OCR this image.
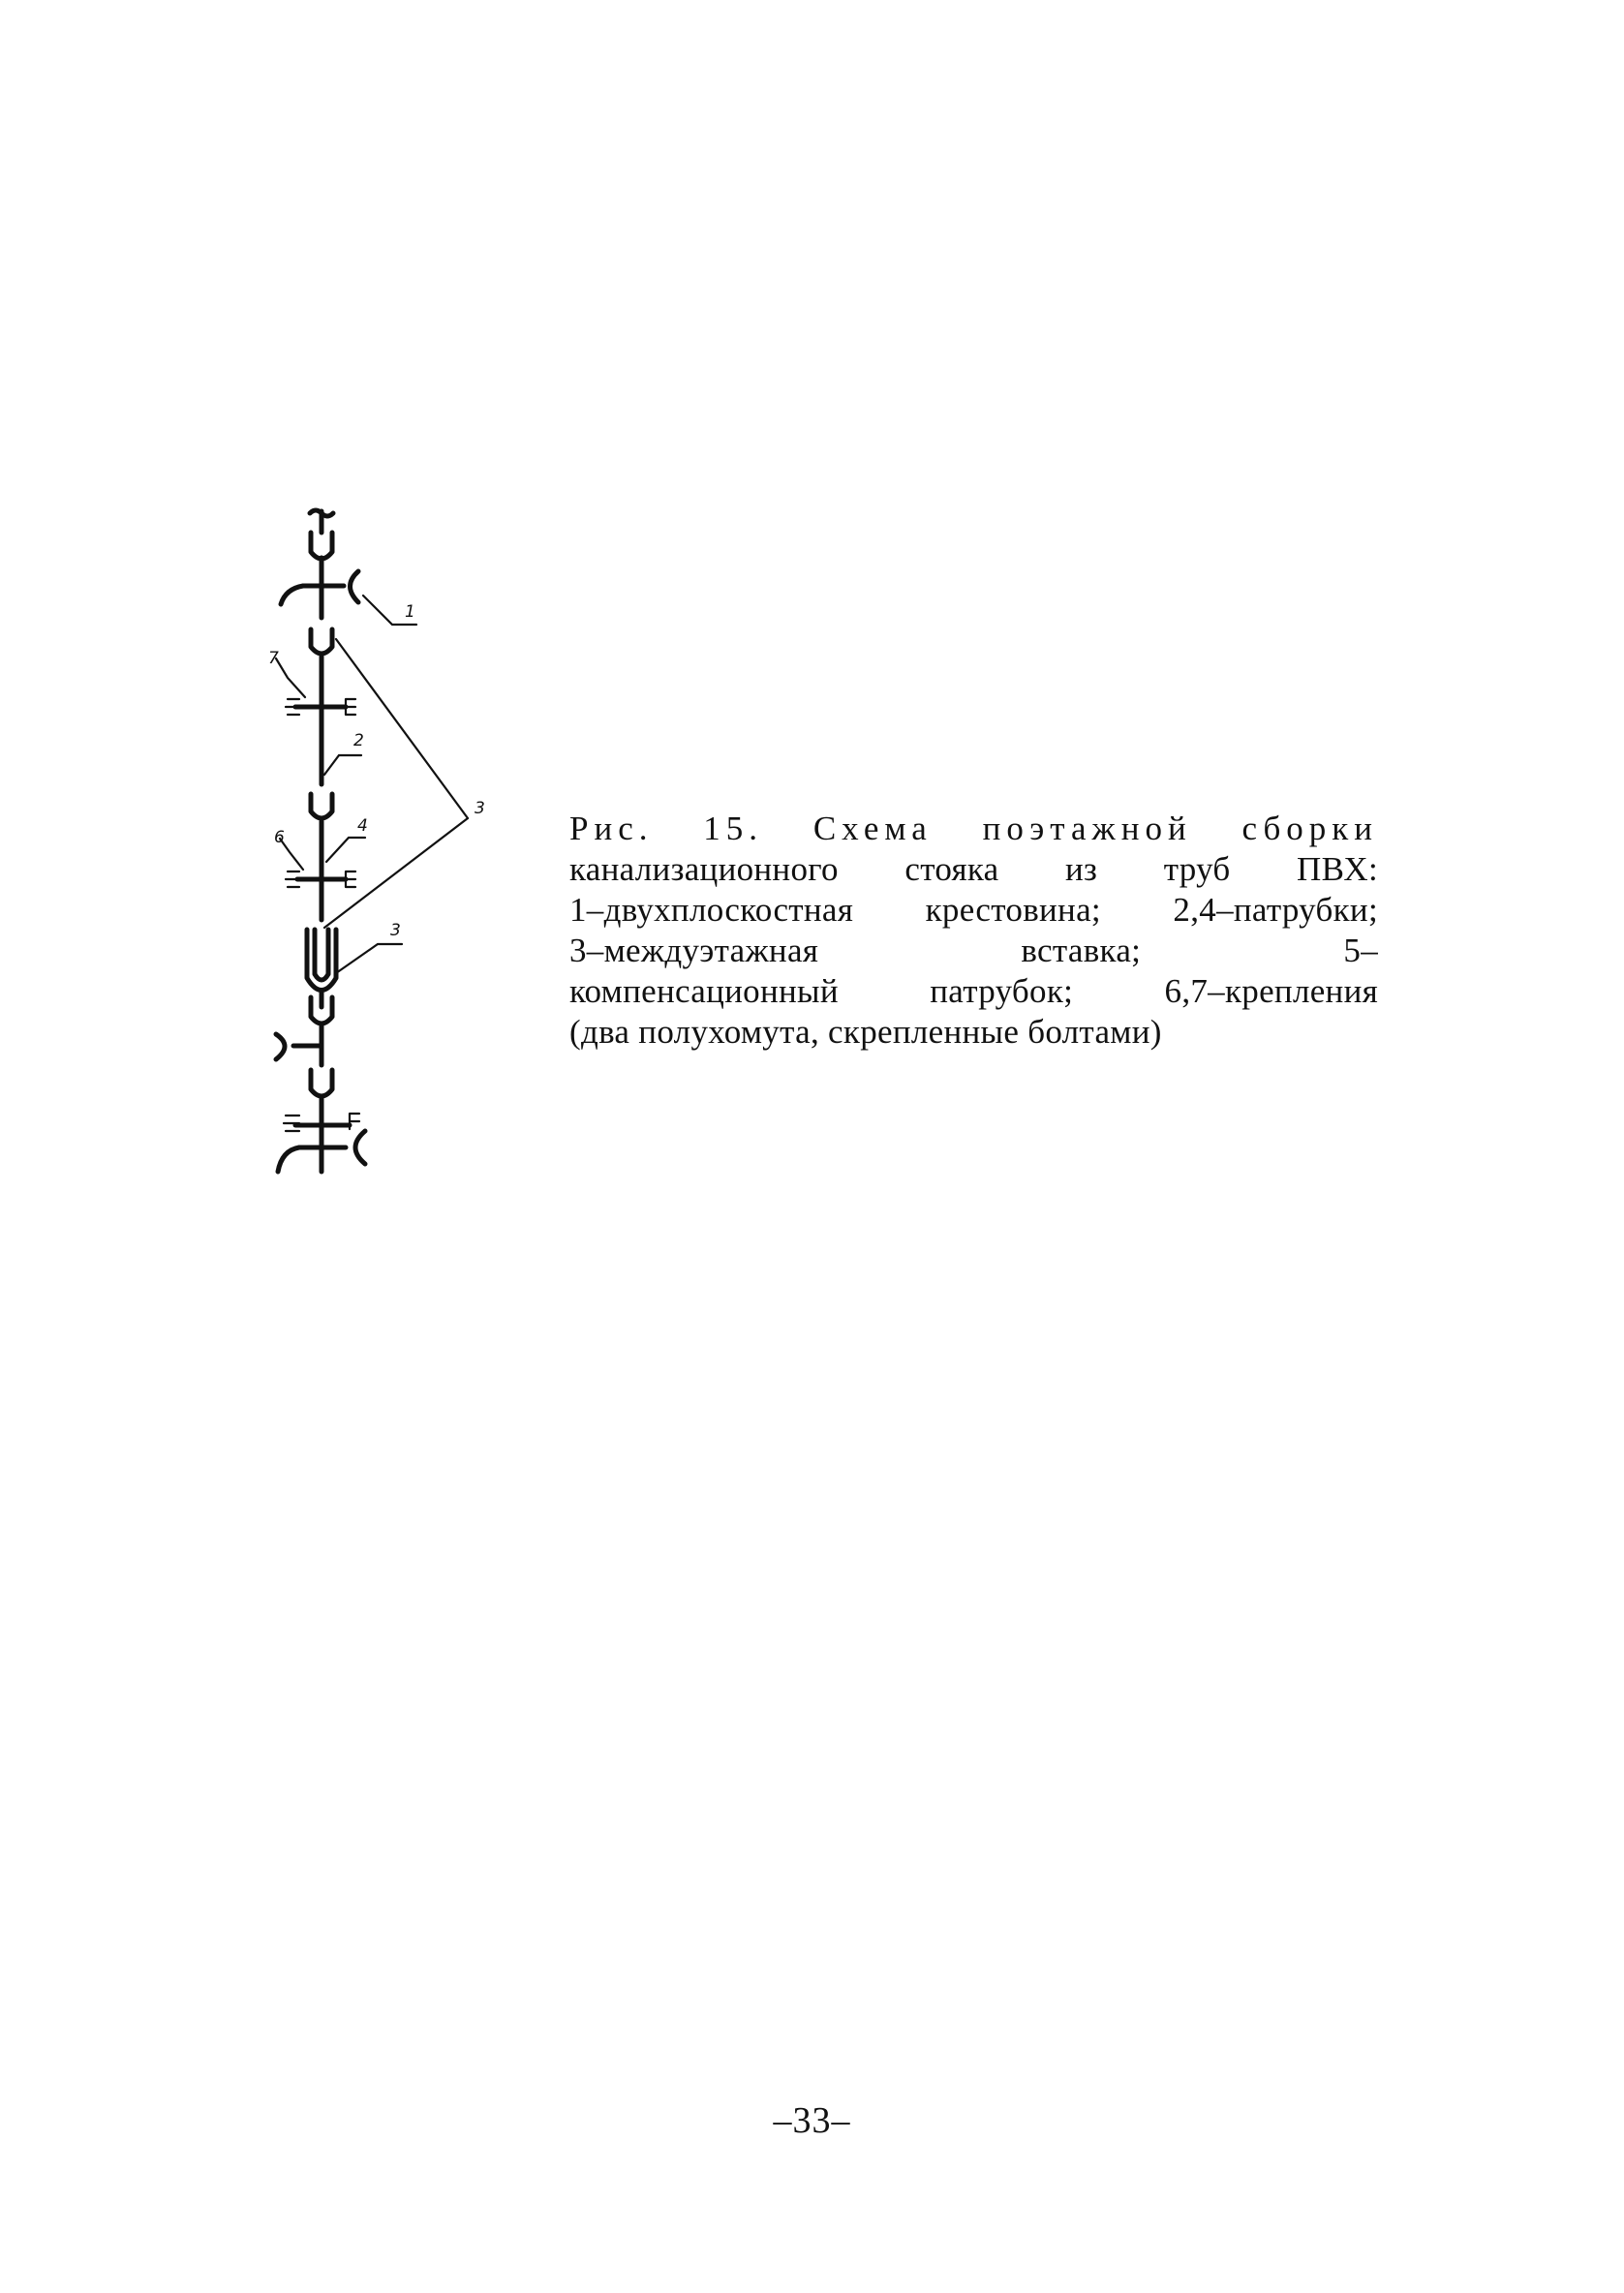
1
7
2
3
6
4
3
Рис. 15. Схема поэтажной сборки
канализационного стояка из труб ПВХ:
1–двухплоскостная крестовина; 2,4–патрубки;
3–междуэтажная вставка; 5–
компенсационный патрубок; 6,7–крепления
(два полухомута, скрепленные болтами)
–33–
